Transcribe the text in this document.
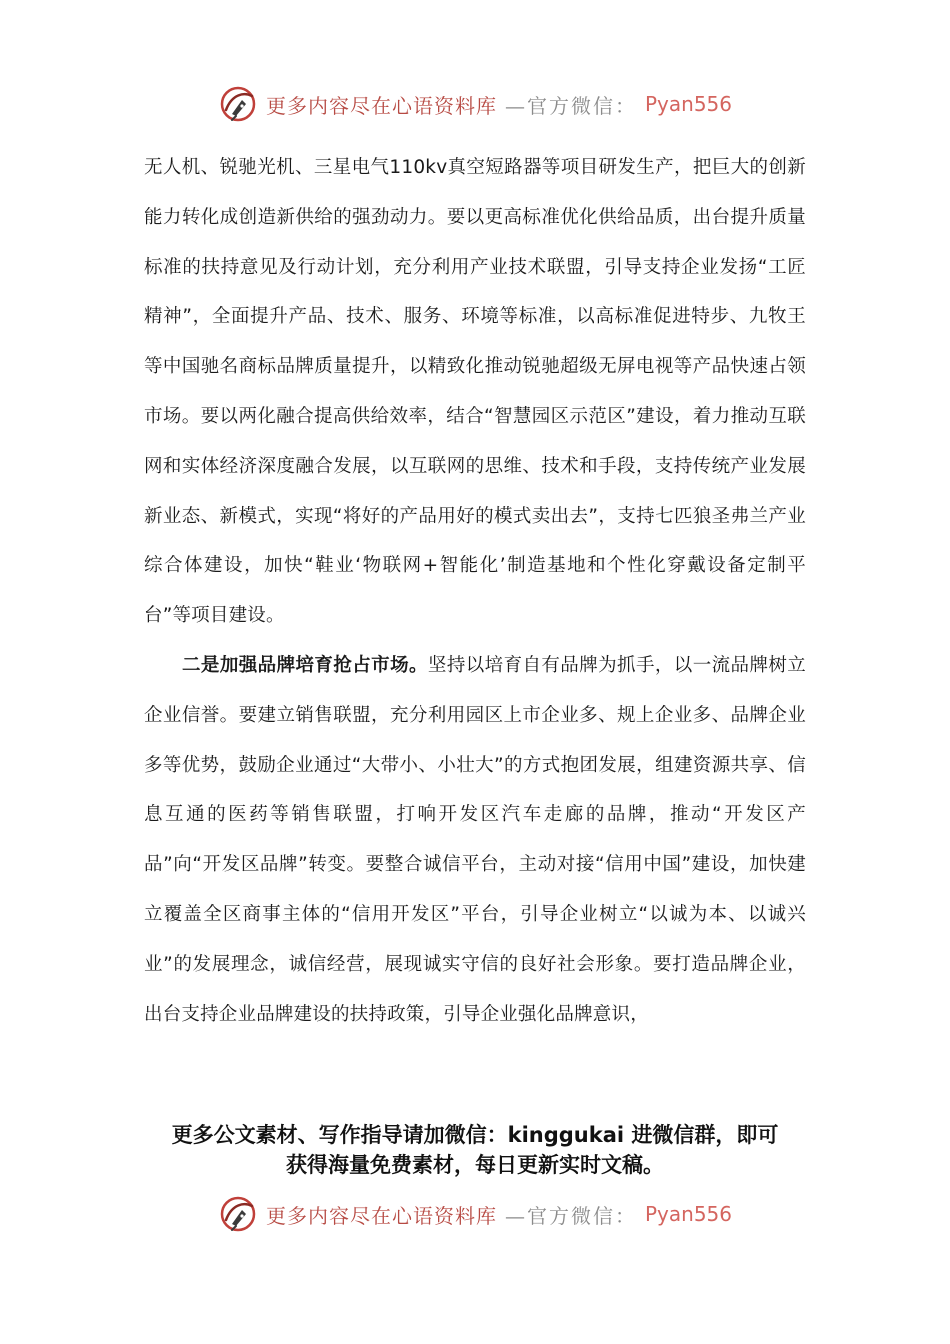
更多内容尽在心语资料库 —官方微信： Pyan556

无人机、锐驰光机、三星电气110kv真空短路器等项目研发生产，把巨大的创新能力转化成创造新供给的强劲动力。要以更高标准优化供给品质，出台提升质量标准的扶持意见及行动计划，充分利用产业技术联盟，引导支持企业发扬“工匠精神”，全面提升产品、技术、服务、环境等标准，以高标准促进特步、九牧王等中国驰名商标品牌质量提升，以精致化推动锐驰超级无屏电视等产品快速占领市场。要以两化融合提高供给效率，结合“智慧园区示范区”建设，着力推动互联网和实体经济深度融合发展，以互联网的思维、技术和手段，支持传统产业发展新业态、新模式，实现“将好的产品用好的模式卖出去”，支持七匹狼圣弗兰产业综合体建设，加快“鞋业‘物联网+智能化’制造基地和个性化穿戴设备定制平台”等项目建设。

二是加强品牌培育抢占市场。坚持以培育自有品牌为抓手，以一流品牌树立企业信誉。要建立销售联盟，充分利用园区上市企业多、规上企业多、品牌企业多等优势，鼓励企业通过“大带小、小壮大”的方式抱团发展，组建资源共享、信息互通的医药等销售联盟，打响开发区汽车走廊的品牌，推动“开发区产品”向“开发区品牌”转变。要整合诚信平台，主动对接“信用中国”建设，加快建立覆盖全区商事主体的“信用开发区”平台，引导企业树立“以诚为本、以诚兴业”的发展理念，诚信经营，展现诚实守信的良好社会形象。要打造品牌企业，出台支持企业品牌建设的扶持政策，引导企业强化品牌意识，

更多公文素材、写作指导请加微信：kinggukai 进微信群，即可
获得海量免费素材，每日更新实时文稿。
更多内容尽在心语资料库 —官方微信： Pyan556
